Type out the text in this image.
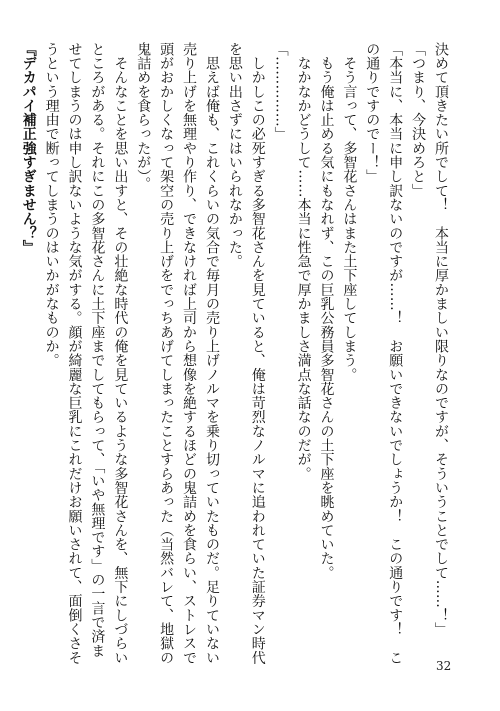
決めて頂きたい所でして！　本当に厚かましい限りなのですが、そういうことでして……！」
「つまり、今決めろと」
「本当に、本当に申し訳ないのですが……！　お願いできないでしょうか！　この通りです！　こ
の通りですのでー！」
　そう言って、多智花さんはまた土下座してしまう。
　もう俺は止める気にもなれず、この巨乳公務員多智花さんの土下座を眺めていた。
　なかなかどうして……本当に性急で厚かましさ満点な話なのだが。
「……………」
　しかしこの必死すぎる多智花さんを見ていると、俺は苛烈なノルマに追われていた証券マン時代
を思い出さずにはいられなかった。
　思えば俺も、これくらいの気合で毎月の売り上げノルマを乗り切っていたものだ。足りていない
売り上げを無理やり作り、できなければ上司から想像を絶するほどの鬼詰めを食らい、ストレスで
頭がおかしくなって架空の売り上げをでっちあげてしまったことすらあった（当然バレて、地獄の
鬼詰めを食らったが）。
　そんなことを思い出すと、その壮絶な時代の俺を見ているような多智花さんを、無下にしづらい
ところがある。それにこの多智花さんに土下座までしてもらって、「いや無理です」の一言で済ま
せてしまうのは申し訳ないような気がする。顔が綺麗な巨乳にこれだけお願いされて、面倒くさそ
うという理由で断ってしまうのはいかがなものか。
『デカパイ補正強すぎません？』
32
